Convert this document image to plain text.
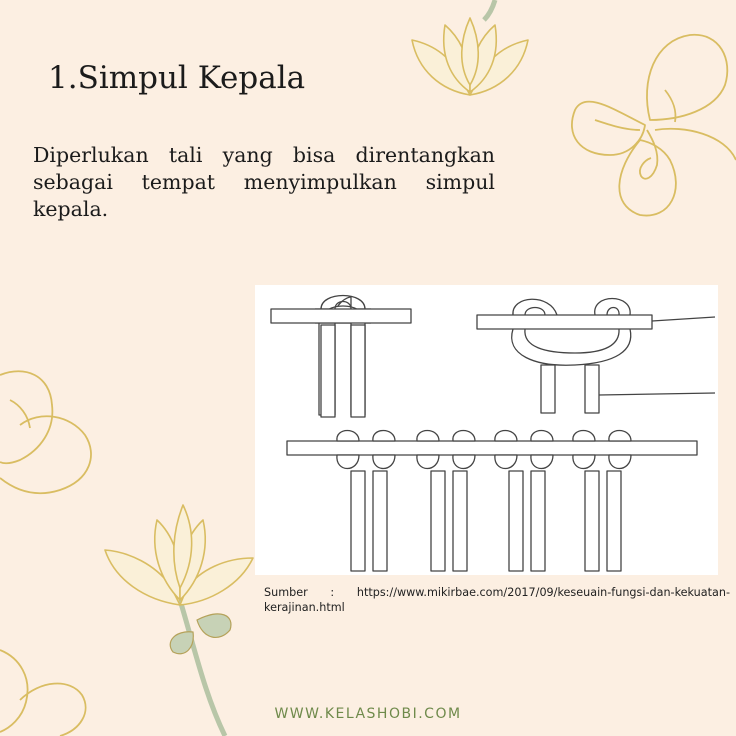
1.Simpul Kepala

Diperlukan tali yang bisa direntangkan sebagai tempat menyimpulkan simpul kepala.

Sumber : https://www.mikirbae.com/2017/09/keseuain-fungsi-dan-kekuatan-kerajinan.html

WWW.KELASHOBI.COM
